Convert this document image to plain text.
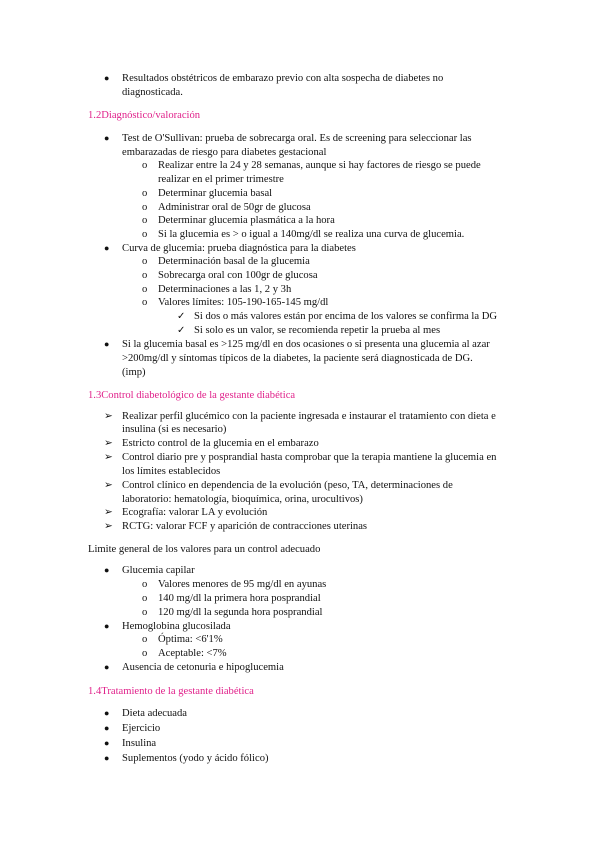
● Resultados obstétricos de embarazo previo con alta sospecha de diabetes no
diagnosticada.
1.2Diagnóstico/valoración
● Test de O'Sullivan: prueba de sobrecarga oral. Es de screening para seleccionar las
embarazadas de riesgo para diabetes gestacional
o Realizar entre la 24 y 28 semanas, aunque si hay factores de riesgo se puede
realizar en el primer trimestre
o Determinar glucemia basal
o Administrar oral de 50gr de glucosa
o Determinar glucemia plasmática a la hora
o Si la glucemia es > o igual a 140mg/dl se realiza una curva de glucemia.
● Curva de glucemia: prueba diagnóstica para la diabetes
o Determinación basal de la glucemia
o Sobrecarga oral con 100gr de glucosa
o Determinaciones a las 1, 2 y 3h
o Valores límites: 105-190-165-145 mg/dl
✓ Si dos o más valores están por encima de los valores se confirma la DG
✓ Si solo es un valor, se recomienda repetir la prueba al mes
● Si la glucemia basal es >125 mg/dl en dos ocasiones o si presenta una glucemia al azar
>200mg/dl y síntomas típicos de la diabetes, la paciente será diagnosticada de DG.
(imp)
1.3Control diabetológico de la gestante diabética
➢ Realizar perfil glucémico con la paciente ingresada e instaurar el tratamiento con dieta e
insulina (si es necesario)
➢ Estricto control de la glucemia en el embarazo
➢ Control diario pre y posprandial hasta comprobar que la terapia mantiene la glucemia en
los límites establecidos
➢ Control clínico en dependencia de la evolución (peso, TA, determinaciones de
laboratorio: hematología, bioquímica, orina, urocultivos)
➢ Ecografía: valorar LA y evolución
➢ RCTG: valorar FCF y aparición de contracciones uterinas
Limite general de los valores para un control adecuado
● Glucemia capilar
o Valores menores de 95 mg/dl en ayunas
o 140 mg/dl la primera hora posprandial
o 120 mg/dl la segunda hora posprandial
● Hemoglobina glucosilada
o Óptima: <6'1%
o Aceptable: <7%
● Ausencia de cetonuria e hipoglucemia
1.4Tratamiento de la gestante diabética
● Dieta adecuada
● Ejercicio
● Insulina
● Suplementos (yodo y ácido fólico)
